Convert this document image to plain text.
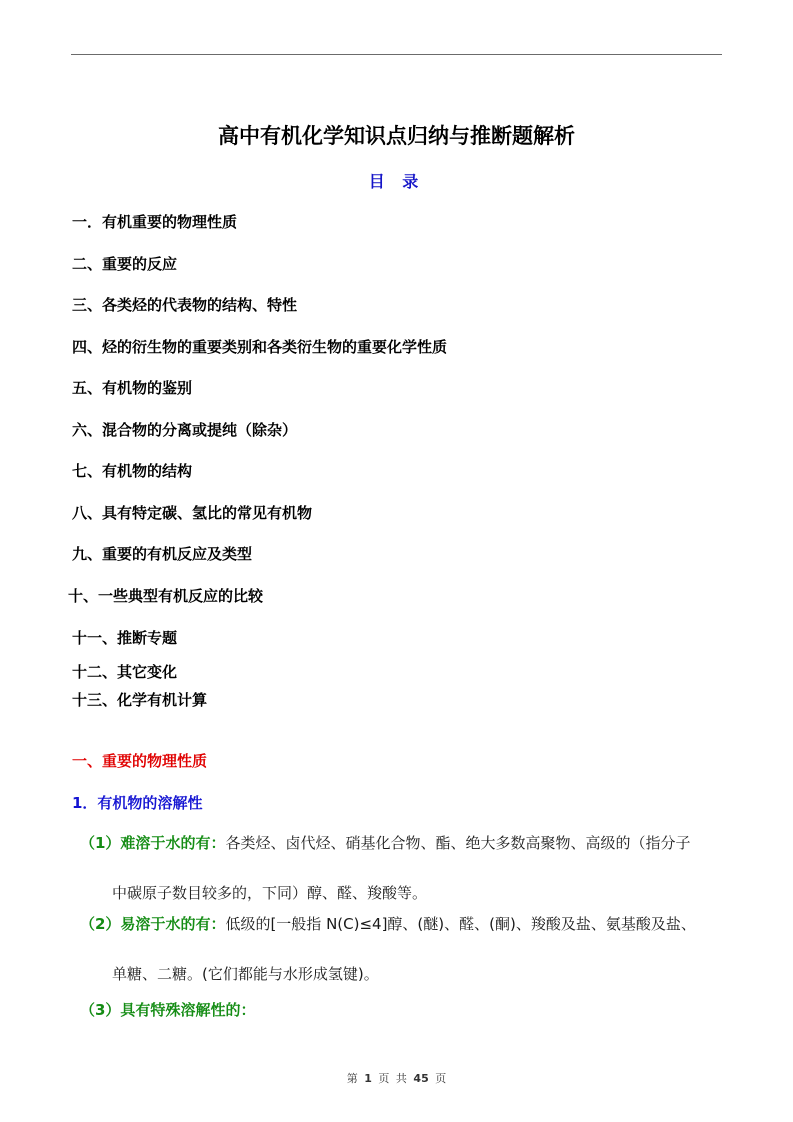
高中有机化学知识点归纳与推断题解析
目 录
一．有机重要的物理性质
二、重要的反应
三、各类烃的代表物的结构、特性
四、烃的衍生物的重要类别和各类衍生物的重要化学性质
五、有机物的鉴别
六、混合物的分离或提纯（除杂）
七、有机物的结构
八、具有特定碳、氢比的常见有机物
九、重要的有机反应及类型
十、一些典型有机反应的比较
十一、推断专题
十二、其它变化
十三、化学有机计算
一、重要的物理性质
1．有机物的溶解性
（1）难溶于水的有：各类烃、卤代烃、硝基化合物、酯、绝大多数高聚物、高级的（指分子
中碳原子数目较多的，下同）醇、醛、羧酸等。
（2）易溶于水的有：低级的[一般指 N(C)≤4]醇、(醚)、醛、(酮)、羧酸及盐、氨基酸及盐、
单糖、二糖。(它们都能与水形成氢键)。
（3）具有特殊溶解性的：
第 1 页 共 45 页
